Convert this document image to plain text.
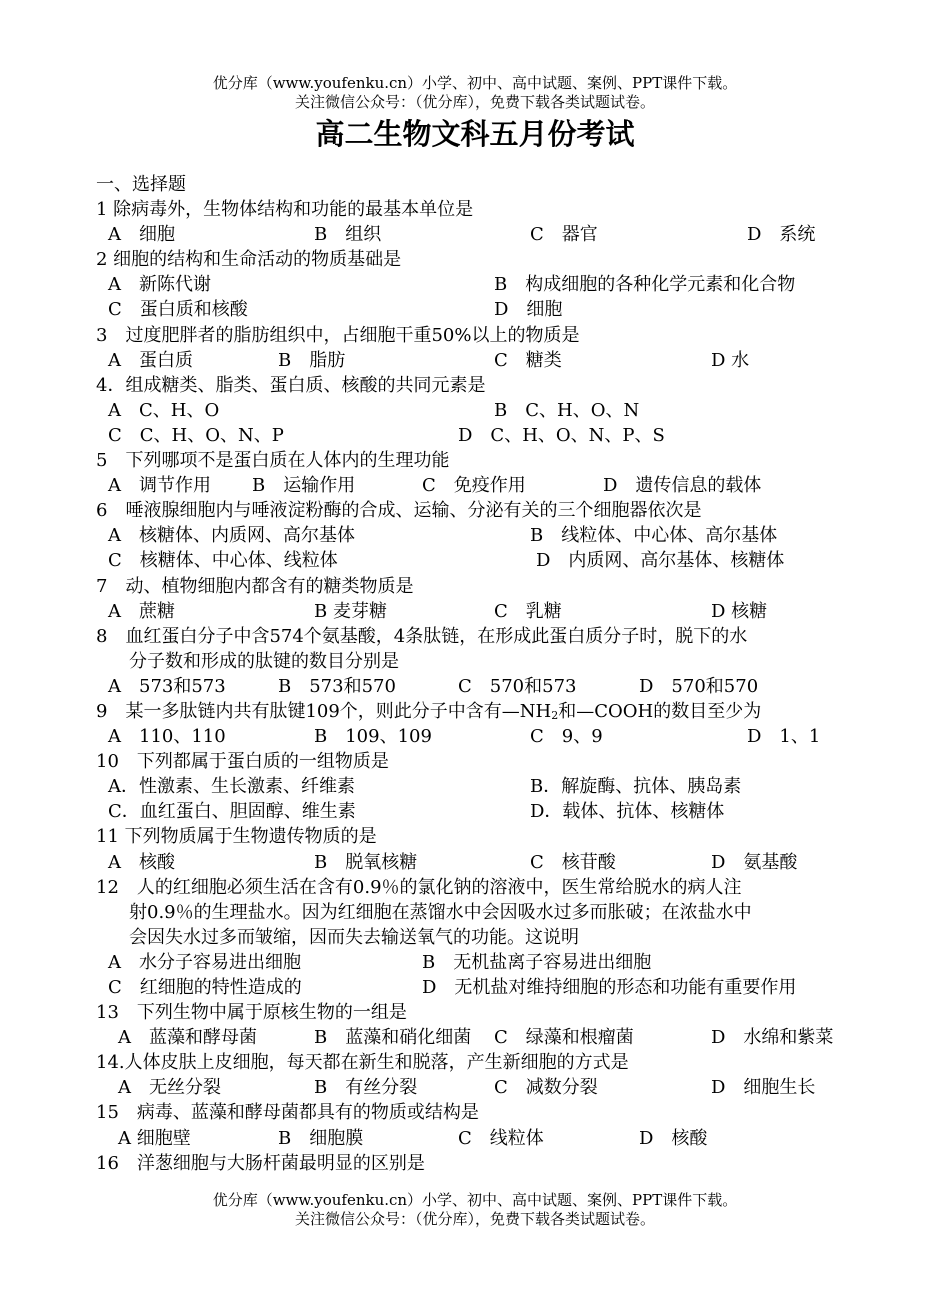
优分库（www.youfenku.cn）小学、初中、高中试题、案例、PPT课件下载。
关注微信公众号：（优分库），免费下载各类试题试卷。
高二生物文科五月份考试
一、选择题
1 除病毒外，生物体结构和功能的最基本单位是
A　细胞	B　组织	C　器官	D　系统
2 细胞的结构和生命活动的物质基础是
A　新陈代谢	B　构成细胞的各种化学元素和化合物
C　蛋白质和核酸	D　细胞
3　过度肥胖者的脂肪组织中，占细胞干重50%以上的物质是
A　蛋白质	B　脂肪	C　糖类	D 水
4．组成糖类、脂类、蛋白质、核酸的共同元素是
A　C、H、O	B　C、H、O、N
C　C、H、O、N、P	D　C、H、O、N、P、S
5　下列哪项不是蛋白质在人体内的生理功能
A　调节作用 B　运输作用	C　免疫作用	D　遗传信息的载体
6　唾液腺细胞内与唾液淀粉酶的合成、运输、分泌有关的三个细胞器依次是
A　核糖体、内质网、高尔基体	B　线粒体、中心体、高尔基体
C　核糖体、中心体、线粒体	D　内质网、高尔基体、核糖体
7　动、植物细胞内都含有的糖类物质是
A　蔗糖	B 麦芽糖	C　乳糖	D 核糖
8　血红蛋白分子中含574个氨基酸，4条肽链，在形成此蛋白质分子时，脱下的水
分子数和形成的肽键的数目分别是
A　573和573	B　573和570	C　570和573	D　570和570
9　某一多肽链内共有肽键109个，则此分子中含有$—NH_2$和—COOH的数目至少为
A　110、110	B　109、109	C　9、9	D　1、1
10　下列都属于蛋白质的一组物质是
A．性激素、生长激素、纤维素	B．解旋酶、抗体、胰岛素
C．血红蛋白、胆固醇、维生素	D．载体、抗体、核糖体
11 下列物质属于生物遗传物质的是
A　核酸	B　脱氧核糖	C　核苷酸	D　氨基酸
12　人的红细胞必须生活在含有0.9％的氯化钠的溶液中，医生常给脱水的病人注
射0.9％的生理盐水。因为红细胞在蒸馏水中会因吸水过多而胀破；在浓盐水中
会因失水过多而皱缩，因而失去输送氧气的功能。这说明
A　水分子容易进出细胞	B　无机盐离子容易进出细胞
C　红细胞的特性造成的	D　无机盐对维持细胞的形态和功能有重要作用
13　下列生物中属于原核生物的一组是
A　蓝藻和酵母菌	B　蓝藻和硝化细菌 C　绿藻和根瘤菌	D　水绵和紫菜
14.人体皮肤上皮细胞，每天都在新生和脱落，产生新细胞的方式是
A　无丝分裂	B　有丝分裂	C　减数分裂	D　细胞生长
15　病毒、蓝藻和酵母菌都具有的物质或结构是
A 细胞壁	B　细胞膜	C　线粒体	D　核酸
16　洋葱细胞与大肠杆菌最明显的区别是
优分库（www.youfenku.cn）小学、初中、高中试题、案例、PPT课件下载。
关注微信公众号：（优分库），免费下载各类试题试卷。
